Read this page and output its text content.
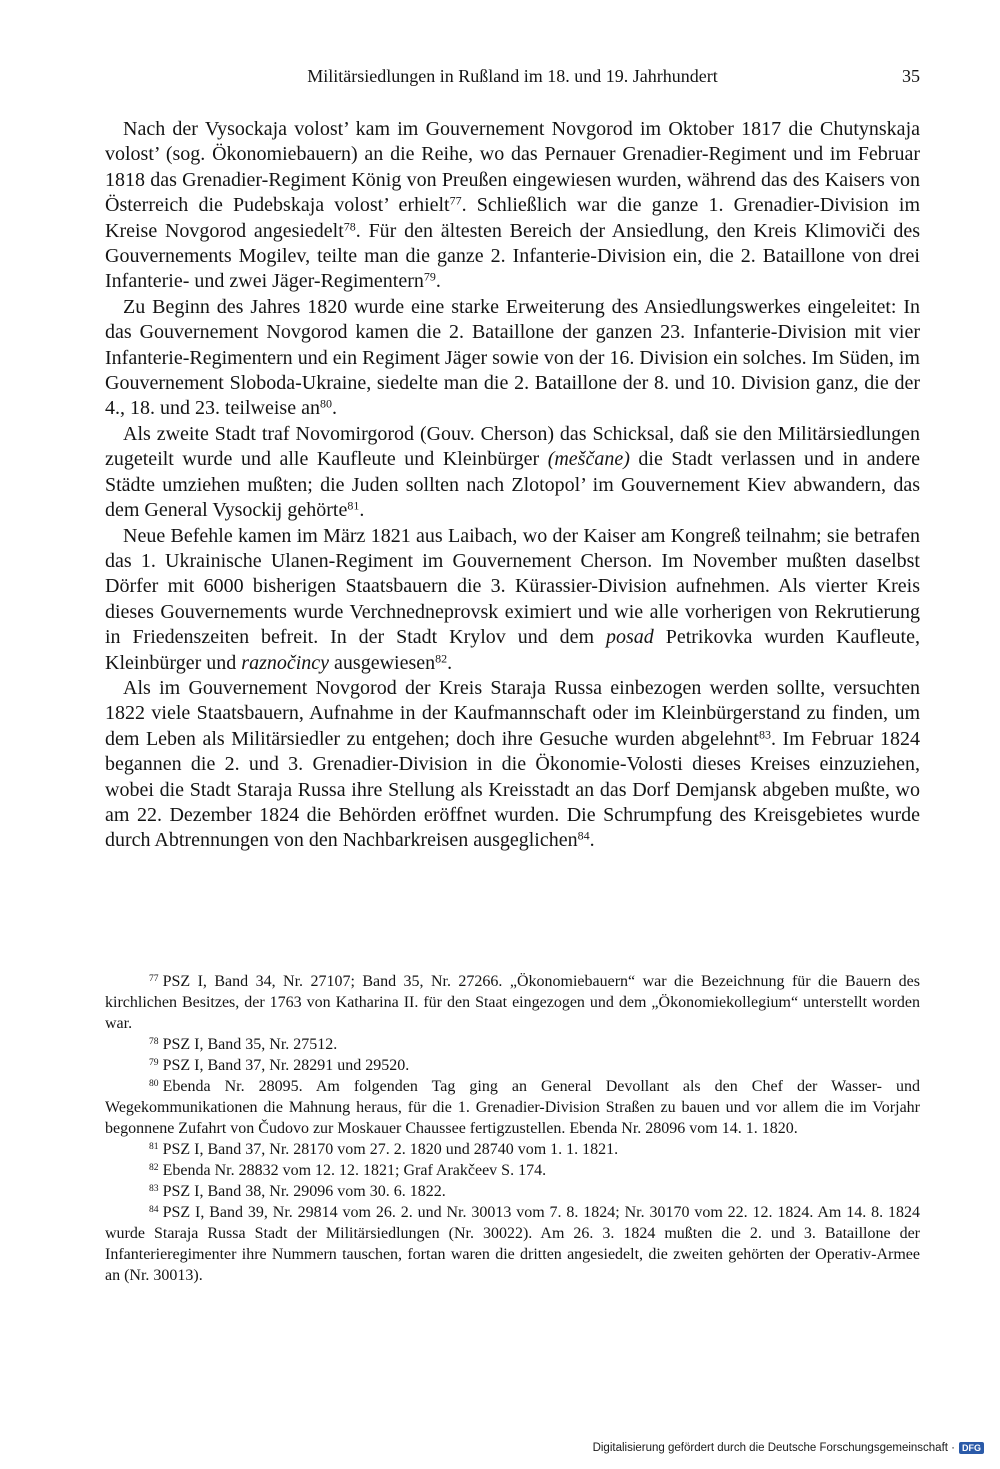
Militärsiedlungen in Rußland im 18. und 19. Jahrhundert	35

Nach der Vysockaja volost’ kam im Gouvernement Novgorod im Oktober 1817 die Chutynskaja volost’ (sog. Ökonomiebauern) an die Reihe, wo das Pernauer Grenadier-Regiment und im Februar 1818 das Grenadier-Regiment König von Preußen eingewiesen wurden, während das des Kaisers von Österreich die Pudebskaja volost’ erhielt$^{77}$. Schließlich war die ganze 1. Grenadier-Division im Kreise Novgorod angesiedelt$^{78}$. Für den ältesten Bereich der Ansiedlung, den Kreis Klimoviči des Gouvernements Mogilev, teilte man die ganze 2. Infanterie-Division ein, die 2. Bataillone von drei Infanterie- und zwei Jäger-Regimentern$^{79}$.

Zu Beginn des Jahres 1820 wurde eine starke Erweiterung des Ansiedlungswerkes eingeleitet: In das Gouvernement Novgorod kamen die 2. Bataillone der ganzen 23. Infanterie-Division mit vier Infanterie-Regimentern und ein Regiment Jäger sowie von der 16. Division ein solches. Im Süden, im Gouvernement Sloboda-Ukraine, siedelte man die 2. Bataillone der 8. und 10. Division ganz, die der 4., 18. und 23. teilweise $an^{80}$.

Als zweite Stadt traf Novomirgorod (Gouv. Cherson) das Schicksal, daß sie den Militärsiedlungen zugeteilt wurde und alle Kaufleute und Kleinbürger (meščane) die Stadt verlassen und in andere Städte umziehen mußten; die Juden sollten nach Zlotopol’ im Gouvernement Kiev abwandern, das dem General Vysockij gehörte$^{81}$.

Neue Befehle kamen im März 1821 aus Laibach, wo der Kaiser am Kongreß teilnahm; sie betrafen das 1. Ukrainische Ulanen-Regiment im Gouvernement Cherson. Im November mußten daselbst Dörfer mit 6000 bisherigen Staatsbauern die 3. Kürassier-Division aufnehmen. Als vierter Kreis dieses Gouvernements wurde Verchnedneprovsk eximiert und wie alle vorherigen von Rekrutierung in Friedenszeiten befreit. In der Stadt Krylov und dem posad Petrikovka wurden Kaufleute, Kleinbürger und raznočincy ausgewiesen$^{82}$.

Als im Gouvernement Novgorod der Kreis Staraja Russa einbezogen werden sollte, versuchten 1822 viele Staatsbauern, Aufnahme in der Kaufmannschaft oder im Kleinbürgerstand zu finden, um dem Leben als Militärsiedler zu entgehen; doch ihre Gesuche wurden abgelehnt$^{83}$. Im Februar 1824 begannen die 2. und 3. Grenadier-Division in die Ökonomie-Volosti dieses Kreises einzuziehen, wobei die Stadt Staraja Russa ihre Stellung als Kreisstadt an das Dorf Demjansk abgeben mußte, wo am 22. Dezember 1824 die Behörden eröffnet wurden. Die Schrumpfung des Kreisgebietes wurde durch Abtrennungen von den Nachbarkreisen ausgeglichen$^{84}$.

$^{77}$ PSZ I, Band 34, Nr. 27107; Band 35, Nr. 27266. „Ökonomiebauern“ war die Bezeichnung für die Bauern des kirchlichen Besitzes, der 1763 von Katharina II. für den Staat eingezogen und dem „Ökonomiekollegium“ unterstellt worden war.

$^{78}$ PSZ I, Band 35, Nr. 27512.

$^{79}$ PSZ I, Band 37, Nr. 28291 und 29520.

$^{80}$ Ebenda Nr. 28095. Am folgenden Tag ging an General Devollant als den Chef der Wasser- und Wegekommunikationen die Mahnung heraus, für die 1. Grenadier-Division Straßen zu bauen und vor allem die im Vorjahr begonnene Zufahrt von Čudovo zur Moskauer Chaussee fertigzustellen. Ebenda Nr. 28096 vom 14. 1. 1820.

$^{81}$ PSZ I, Band 37, Nr. 28170 vom 27. 2. 1820 und 28740 vom 1. 1. 1821.

$^{82}$ Ebenda Nr. 28832 vom 12. 12. 1821; Graf Arakčeev S. 174.

$^{83}$ PSZ I, Band 38, Nr. 29096 vom 30. 6. 1822.

$^{84}$ PSZ I, Band 39, Nr. 29814 vom 26. 2. und Nr. 30013 vom 7. 8. 1824; Nr. 30170 vom 22. 12. 1824. Am 14. 8. 1824 wurde Staraja Russa Stadt der Militärsiedlungen (Nr. 30022). Am 26. 3. 1824 mußten die 2. und 3. Bataillone der Infanterieregimenter ihre Nummern tauschen, fortan waren die dritten angesiedelt, die zweiten gehörten der Operativ-Armee an (Nr. 30013).

Digitalisierung gefördert durch die Deutsche Forschungsgemeinschaft · DFG
